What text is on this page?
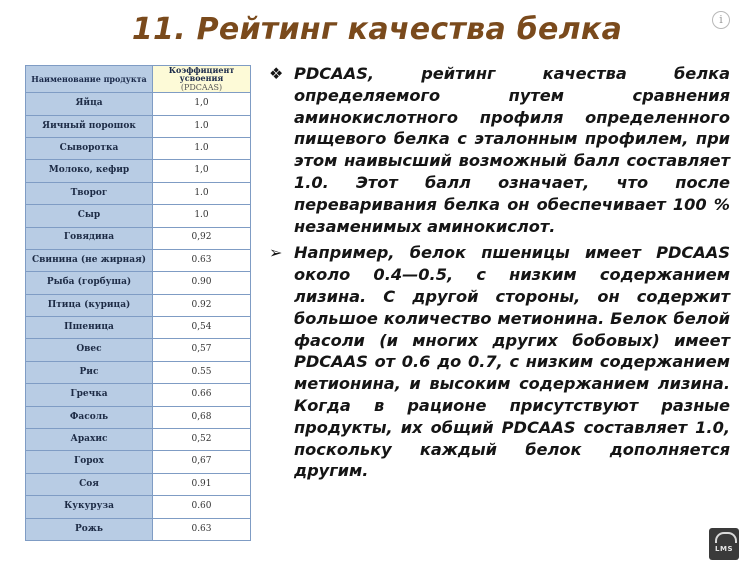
11. Рейтинг качества белка	i
Наименование продукта	Коэффициент усвоения
(PDCAAS)
Яйца	1,0
Яичный порошок	1.0
Сыворотка	1.0
Молоко, кефир	1,0
Творог	1.0
Сыр	1.0
Говядина	0,92
Свинина (не жирная)	0.63
Рыба (горбуша)	0.90
Птица (курица)	0.92
Пшеница	0,54
Овес	0,57
Рис	0.55
Гречка	0.66
Фасоль	0,68
Арахис	0,52
Горох	0,67
Соя	0.91
Кукуруза	0.60
Рожь	0.63
❖ PDCAAS, рейтинг качества белка определяемого путем сравнения аминокислотного профиля определенного пищевого белка с эталонным профилем, при этом наивысший возможный балл составляет 1.0. Этот балл означает, что после переваривания белка он обеспечивает 100 % незаменимых аминокислот.
➢ Например, белок пшеницы имеет PDCAAS около 0.4—0.5, с низким содержанием лизина. С другой стороны, он содержит большое количество метионина. Белок белой фасоли (и многих других бобовых) имеет PDCAAS от 0.6 до 0.7, с низким содержанием метионина, и высоким содержанием лизина. Когда в рационе присутствуют разные продукты, их общий PDCAAS составляет 1.0, поскольку каждый белок дополняется другим.
LMS
